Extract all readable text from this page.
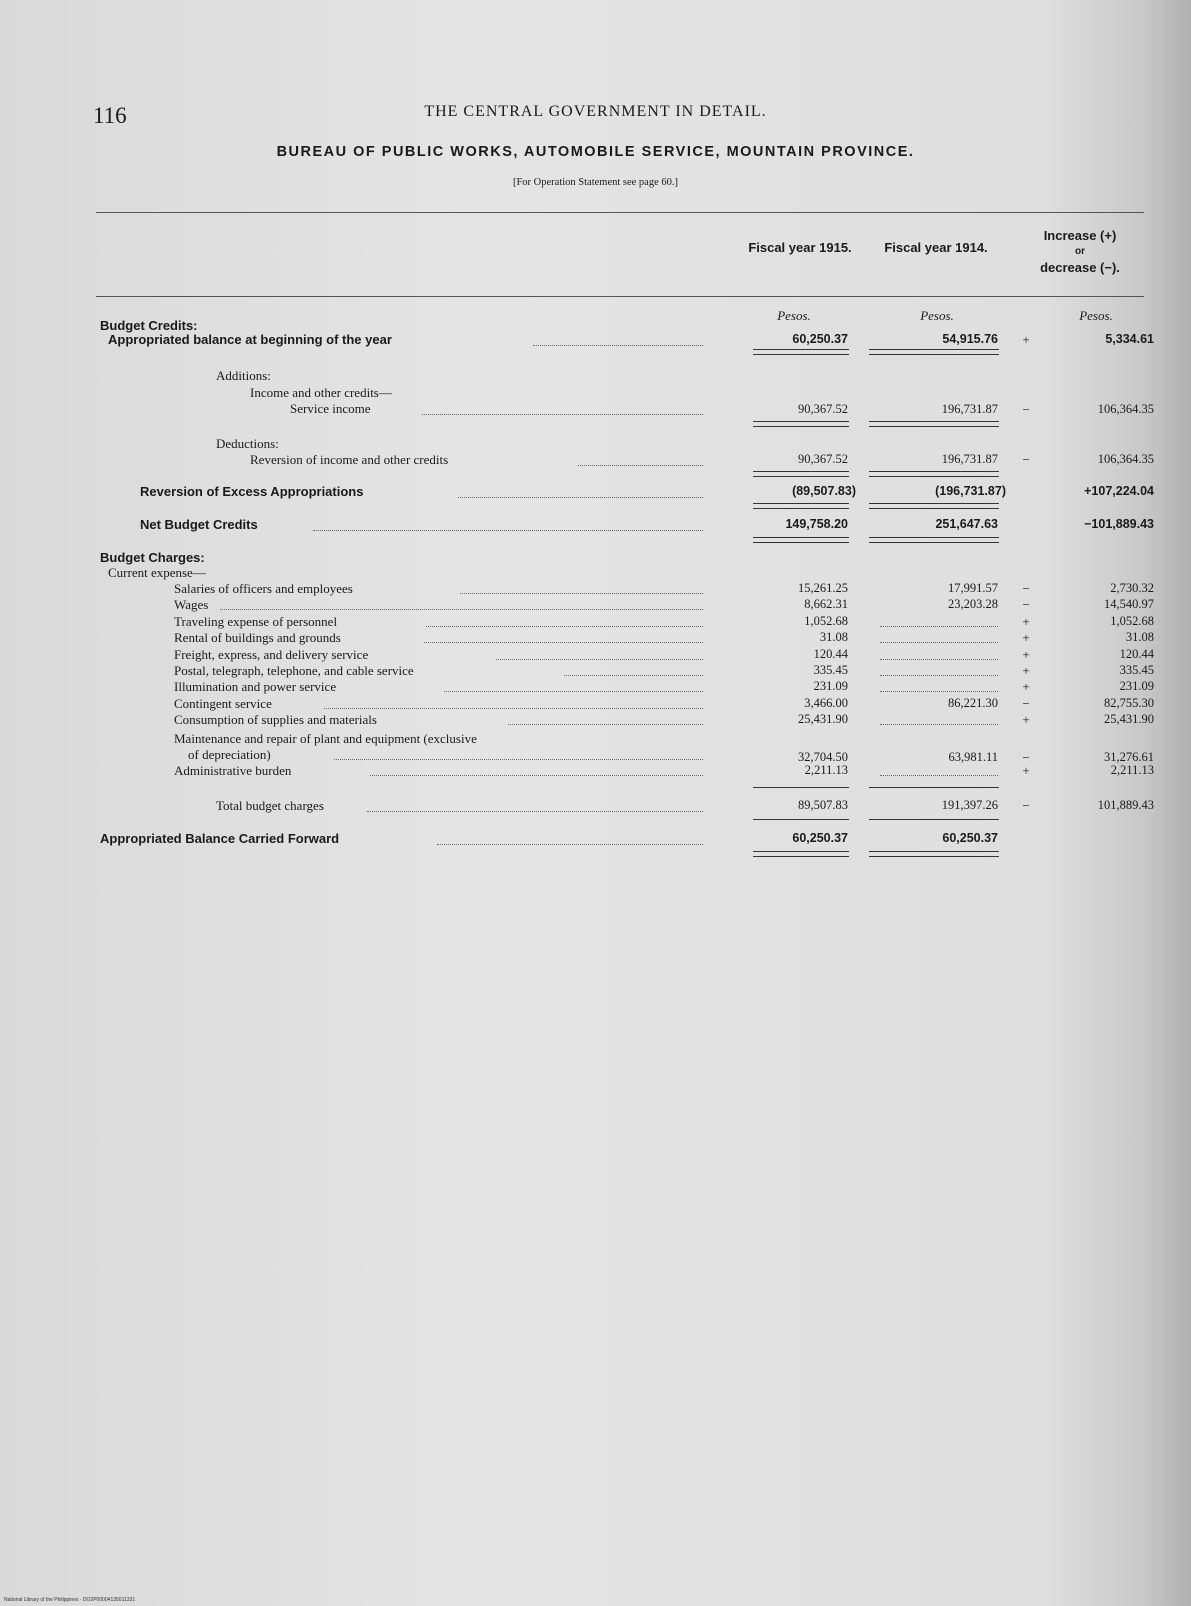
116	THE CENTRAL GOVERNMENT IN DETAIL.
BUREAU OF PUBLIC WORKS, AUTOMOBILE SERVICE, MOUNTAIN PROVINCE.
[For Operation Statement see page 60.]
Fiscal year 1915.	Fiscal year 1914.
Increase (+)
or
decrease (−).
Pesos.	Pesos.	Pesos.
Budget Credits:
Appropriated balance at beginning of the year	60,250.37	54,915.76	+	5,334.61
Additions:
Income and other credits—
Service income	90,367.52	196,731.87	−	106,364.35
Deductions:
Reversion of income and other credits	90,367.52	196,731.87	−	106,364.35
Reversion of Excess Appropriations	(89,507.83)	(196,731.87)	+107,224.04
Net Budget Credits	149,758.20	251,647.63	−101,889.43
Budget Charges:
Current expense—
Salaries of officers and employees	15,261.25	17,991.57	−	2,730.32
Wages	8,662.31	23,203.28	−	14,540.97
Traveling expense of personnel	1,052.68	+	1,052.68
Rental of buildings and grounds	31.08	+	31.08
Freight, express, and delivery service	120.44	+	120.44
Postal, telegraph, telephone, and cable service	335.45	+	335.45
Illumination and power service	231.09	+	231.09
Contingent service	3,466.00	86,221.30	−	82,755.30
Consumption of supplies and materials	25,431.90	+	25,431.90
Maintenance and repair of plant and equipment (exclusive
of depreciation)	32,704.50	63,981.11	−	31,276.61
Administrative burden	2,211.13	+	2,211.13
Total budget charges	89,507.83	191,397.26	−	101,889.43
Appropriated Balance Carried Forward	60,250.37	60,250.37
National Library of the Philippines · DO2P00004135011331
